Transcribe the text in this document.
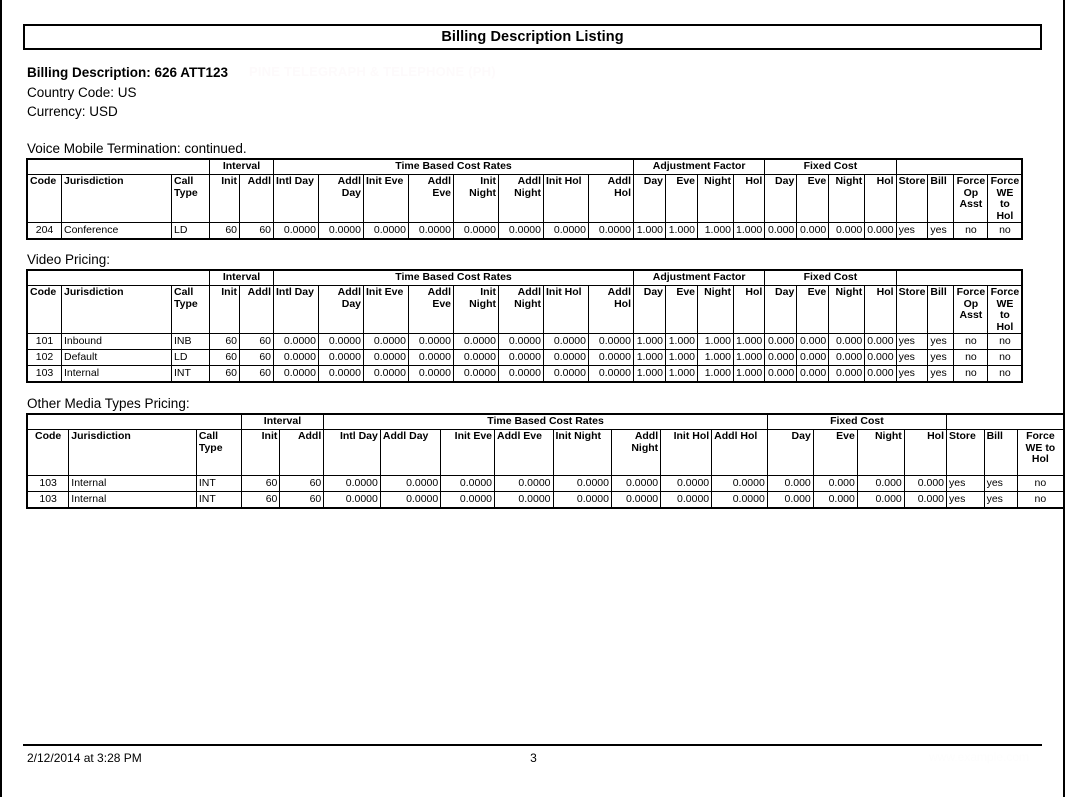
Billing Description Listing
Billing Description: 626 ATT123
Country Code: US
Currency: USD
PINE TELEGRAPH & TELEPHONE (PH)
www.example.com
Voice Mobile Termination: continued.
			Interval		Time Based Cost Rates								Adjustment Factor				Fixed Cost							
Code	Jurisdiction	Call Type	Init	Addl	Intl Day	Addl Day	Init Eve	Addl Eve	Init Night	Addl Night	Init Hol	Addl Hol	Day	Eve	Night	Hol	Day	Eve	Night	Hol	Store	Bill	Force Op Asst	Force WE to Hol
204	Conference	LD	60	60	0.0000	0.0000	0.0000	0.0000	0.0000	0.0000	0.0000	0.0000	1.000	1.000	1.000	1.000	0.000	0.000	0.000	0.000	yes	yes	no	no
Video Pricing:
			Interval		Time Based Cost Rates								Adjustment Factor				Fixed Cost							
Code	Jurisdiction	Call Type	Init	Addl	Intl Day	Addl Day	Init Eve	Addl Eve	Init Night	Addl Night	Init Hol	Addl Hol	Day	Eve	Night	Hol	Day	Eve	Night	Hol	Store	Bill	Force Op Asst	Force WE to Hol
101	Inbound	INB	60	60	0.0000	0.0000	0.0000	0.0000	0.0000	0.0000	0.0000	0.0000	1.000	1.000	1.000	1.000	0.000	0.000	0.000	0.000	yes	yes	no	no
102	Default	LD	60	60	0.0000	0.0000	0.0000	0.0000	0.0000	0.0000	0.0000	0.0000	1.000	1.000	1.000	1.000	0.000	0.000	0.000	0.000	yes	yes	no	no
103	Internal	INT	60	60	0.0000	0.0000	0.0000	0.0000	0.0000	0.0000	0.0000	0.0000	1.000	1.000	1.000	1.000	0.000	0.000	0.000	0.000	yes	yes	no	no
Other Media Types Pricing:
			Interval		Time Based Cost Rates								Fixed Cost						
Code	Jurisdiction	Call Type	Init	Addl	Intl Day	Addl Day	Init Eve	Addl Eve	Init Night	Addl Night	Init Hol	Addl Hol	Day	Eve	Night	Hol	Store	Bill	Force WE to Hol
103	Internal	INT	60	60	0.0000	0.0000	0.0000	0.0000	0.0000	0.0000	0.0000	0.0000	0.000	0.000	0.000	0.000	yes	yes	no
103	Internal	INT	60	60	0.0000	0.0000	0.0000	0.0000	0.0000	0.0000	0.0000	0.0000	0.000	0.000	0.000	0.000	yes	yes	no
2/12/2014 at 3:28 PM	3
